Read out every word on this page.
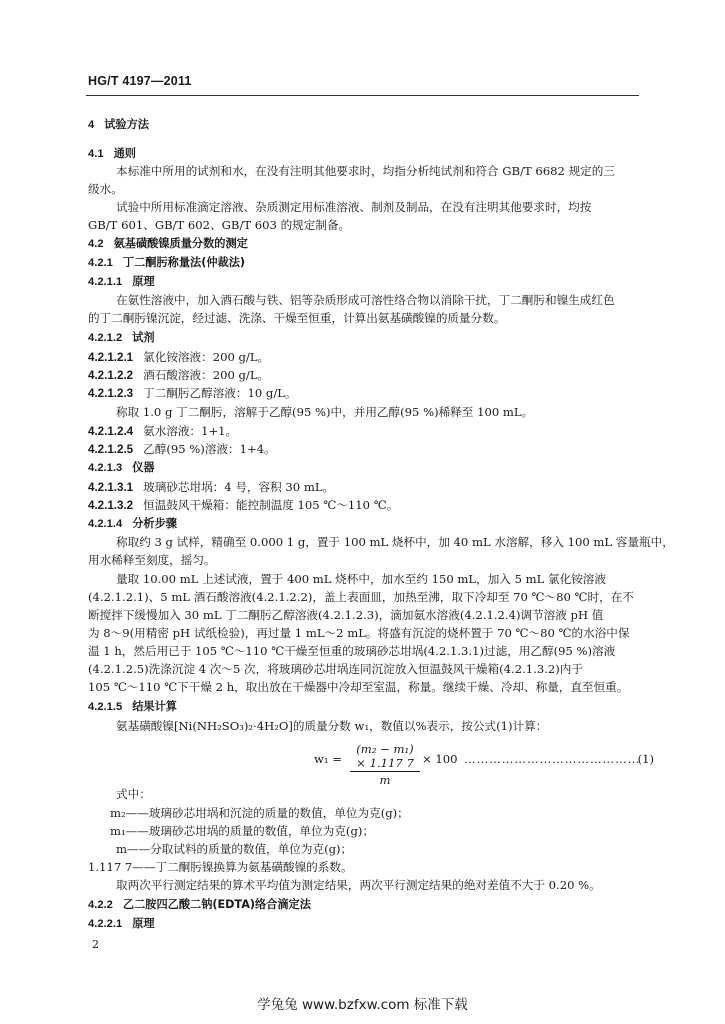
HG/T 4197—2011
4 试验方法
4.1 通则
本标准中所用的试剂和水，在没有注明其他要求时，均指分析纯试剂和符合 GB/T 6682 规定的三
级水。
试验中所用标准滴定溶液、杂质测定用标准溶液、制剂及制品，在没有注明其他要求时，均按
GB/T 601、GB/T 602、GB/T 603 的规定制备。
4.2 氨基磺酸镍质量分数的测定
4.2.1 丁二酮肟称量法(仲裁法)
4.2.1.1 原理
在氨性溶液中，加入酒石酸与铁、铝等杂质形成可溶性络合物以消除干扰，丁二酮肟和镍生成红色
的丁二酮肟镍沉淀，经过滤、洗涤、干燥至恒重，计算出氨基磺酸镍的质量分数。
4.2.1.2 试剂
4.2.1.2.1 氯化铵溶液：200 g/L。
4.2.1.2.2 酒石酸溶液：200 g/L。
4.2.1.2.3 丁二酮肟乙醇溶液：10 g/L。
称取 1.0 g 丁二酮肟，溶解于乙醇(95 %)中，并用乙醇(95 %)稀释至 100 mL。
4.2.1.2.4 氨水溶液：1+1。
4.2.1.2.5 乙醇(95 %)溶液：1+4。
4.2.1.3 仪器
4.2.1.3.1 玻璃砂芯坩埚：4 号，容积 30 mL。
4.2.1.3.2 恒温鼓风干燥箱：能控制温度 105 ℃～110 ℃。
4.2.1.4 分析步骤
称取约 3 g 试样，精确至 0.000 1 g，置于 100 mL 烧杯中，加 40 mL 水溶解，移入 100 mL 容量瓶中，
用水稀释至刻度，摇匀。
量取 10.00 mL 上述试液，置于 400 mL 烧杯中，加水至约 150 mL，加入 5 mL 氯化铵溶液
(4.2.1.2.1)、5 mL 酒石酸溶液(4.2.1.2.2)，盖上表面皿，加热至沸，取下冷却至 70 ℃～80 ℃时，在不
断搅拌下缓慢加入 30 mL 丁二酮肟乙醇溶液(4.2.1.2.3)，滴加氨水溶液(4.2.1.2.4)调节溶液 pH 值
为 8～9(用精密 pH 试纸检验)，再过量 1 mL～2 mL。将盛有沉淀的烧杯置于 70 ℃～80 ℃的水浴中保
温 1 h，然后用已于 105 ℃～110 ℃干燥至恒重的玻璃砂芯坩埚(4.2.1.3.1)过滤，用乙醇(95 %)溶液
(4.2.1.2.5)洗涤沉淀 4 次～5 次，将玻璃砂芯坩埚连同沉淀放入恒温鼓风干燥箱(4.2.1.3.2)内于
105 ℃～110 ℃下干燥 2 h，取出放在干燥器中冷却至室温，称量。继续干燥、冷却、称量，直至恒重。
4.2.1.5 结果计算
氨基磺酸镍[Ni(NH₂SO₃)₂·4H₂O]的质量分数 w₁，数值以%表示，按公式(1)计算：
w₁ =
(m₂ − m₁) × 1.117 7
m
× 100 ……………………………………
(1)
式中：
m₂——玻璃砂芯坩埚和沉淀的质量的数值，单位为克(g)；
m₁——玻璃砂芯坩埚的质量的数值，单位为克(g)；
m——分取试料的质量的数值，单位为克(g)；
1.117 7——丁二酮肟镍换算为氨基磺酸镍的系数。
取两次平行测定结果的算术平均值为测定结果，两次平行测定结果的绝对差值不大于 0.20 %。
4.2.2 乙二胺四乙酸二钠(EDTA)络合滴定法
4.2.2.1 原理
2
学兔兔 www.bzfxw.com 标准下载
